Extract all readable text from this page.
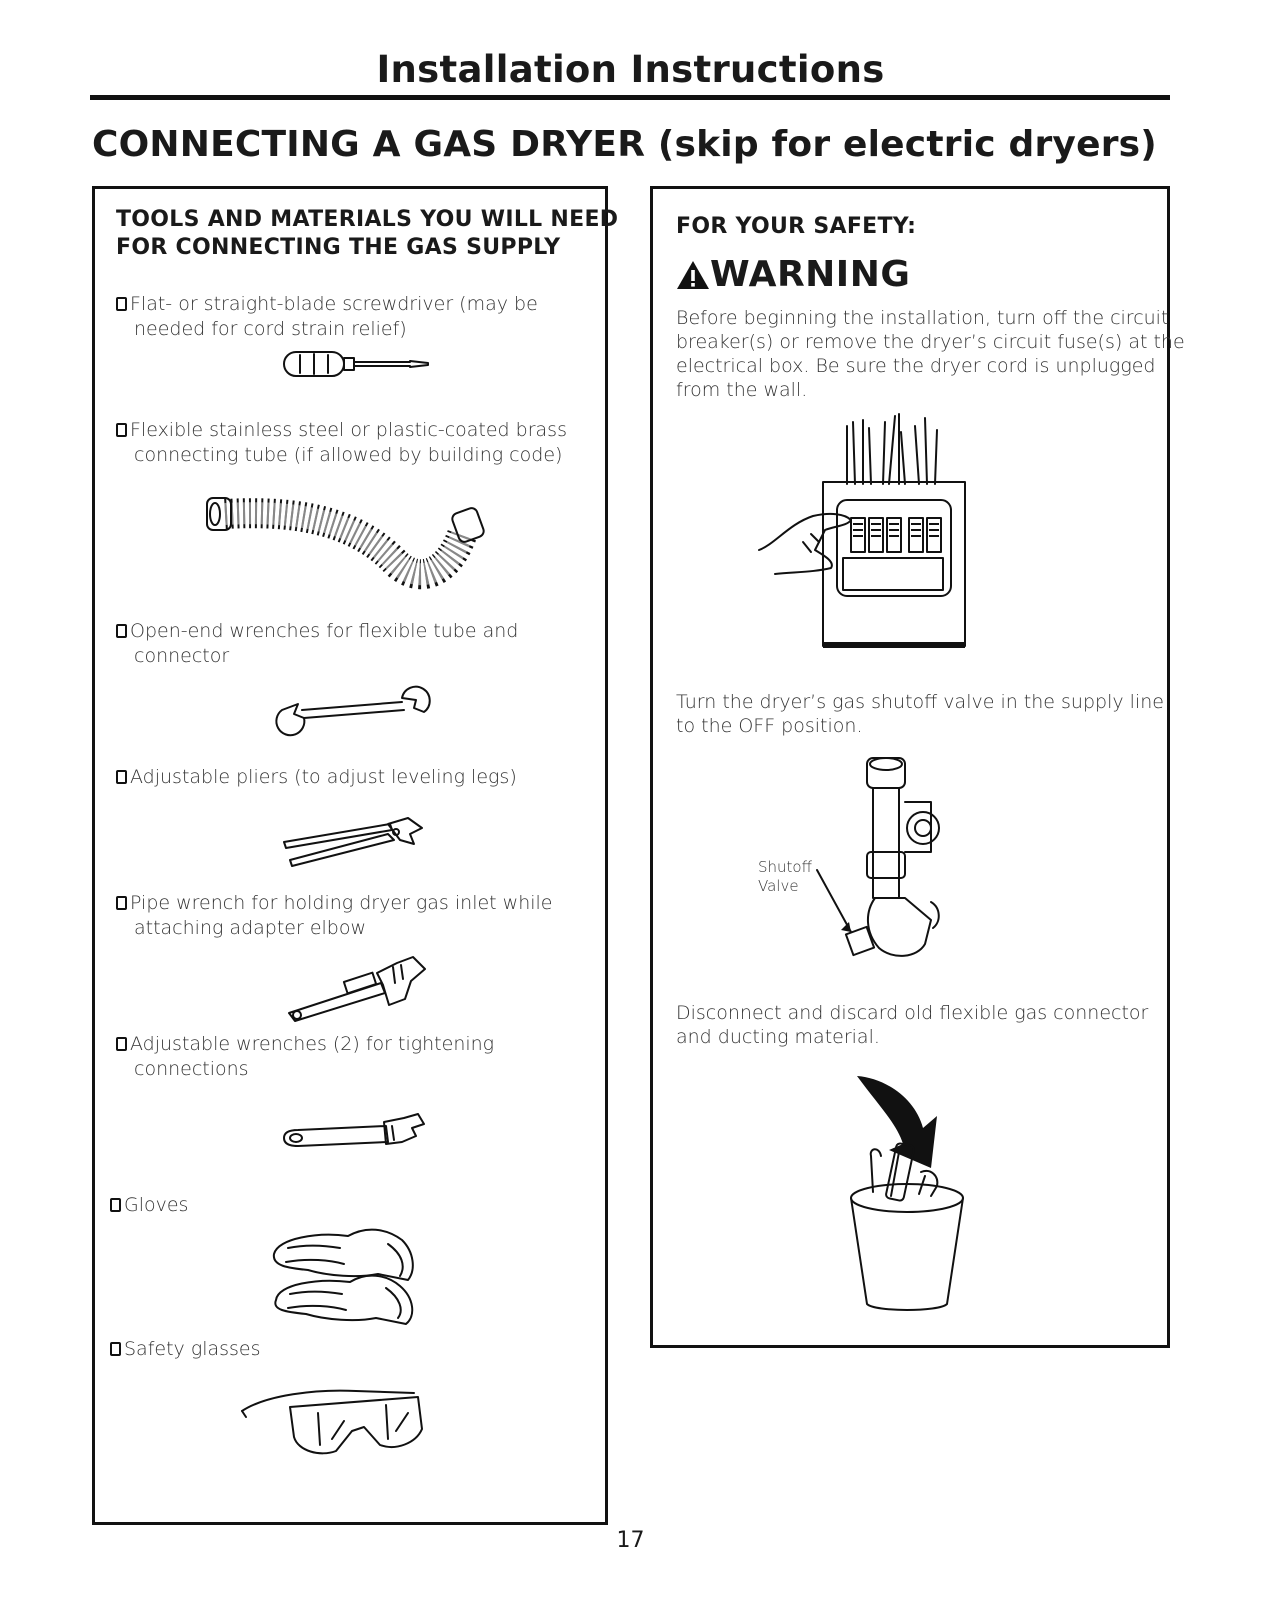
Installation Instructions
CONNECTING A GAS DRYER (skip for electric dryers)
TOOLS AND MATERIALS YOU WILL NEED
FOR CONNECTING THE GAS SUPPLY
Flat- or straight-blade screwdriver (may be
needed for cord strain relief)
Flexible stainless steel or plastic-coated brass
connecting tube (if allowed by building code)
Open-end wrenches for flexible tube and
connector
Adjustable pliers (to adjust leveling legs)
Pipe wrench for holding dryer gas inlet while
attaching adapter elbow
Adjustable wrenches (2) for tightening
connections
Gloves
Safety glasses
FOR YOUR SAFETY:
WARNING
Before beginning the installation, turn off the circuit
breaker(s) or remove the dryer’s circuit fuse(s) at the
electrical box. Be sure the dryer cord is unplugged
from the wall.
Turn the dryer’s gas shutoff valve in the supply line
to the OFF position.
Shutoff
Valve
Disconnect and discard old flexible gas connector
and ducting material.
17
